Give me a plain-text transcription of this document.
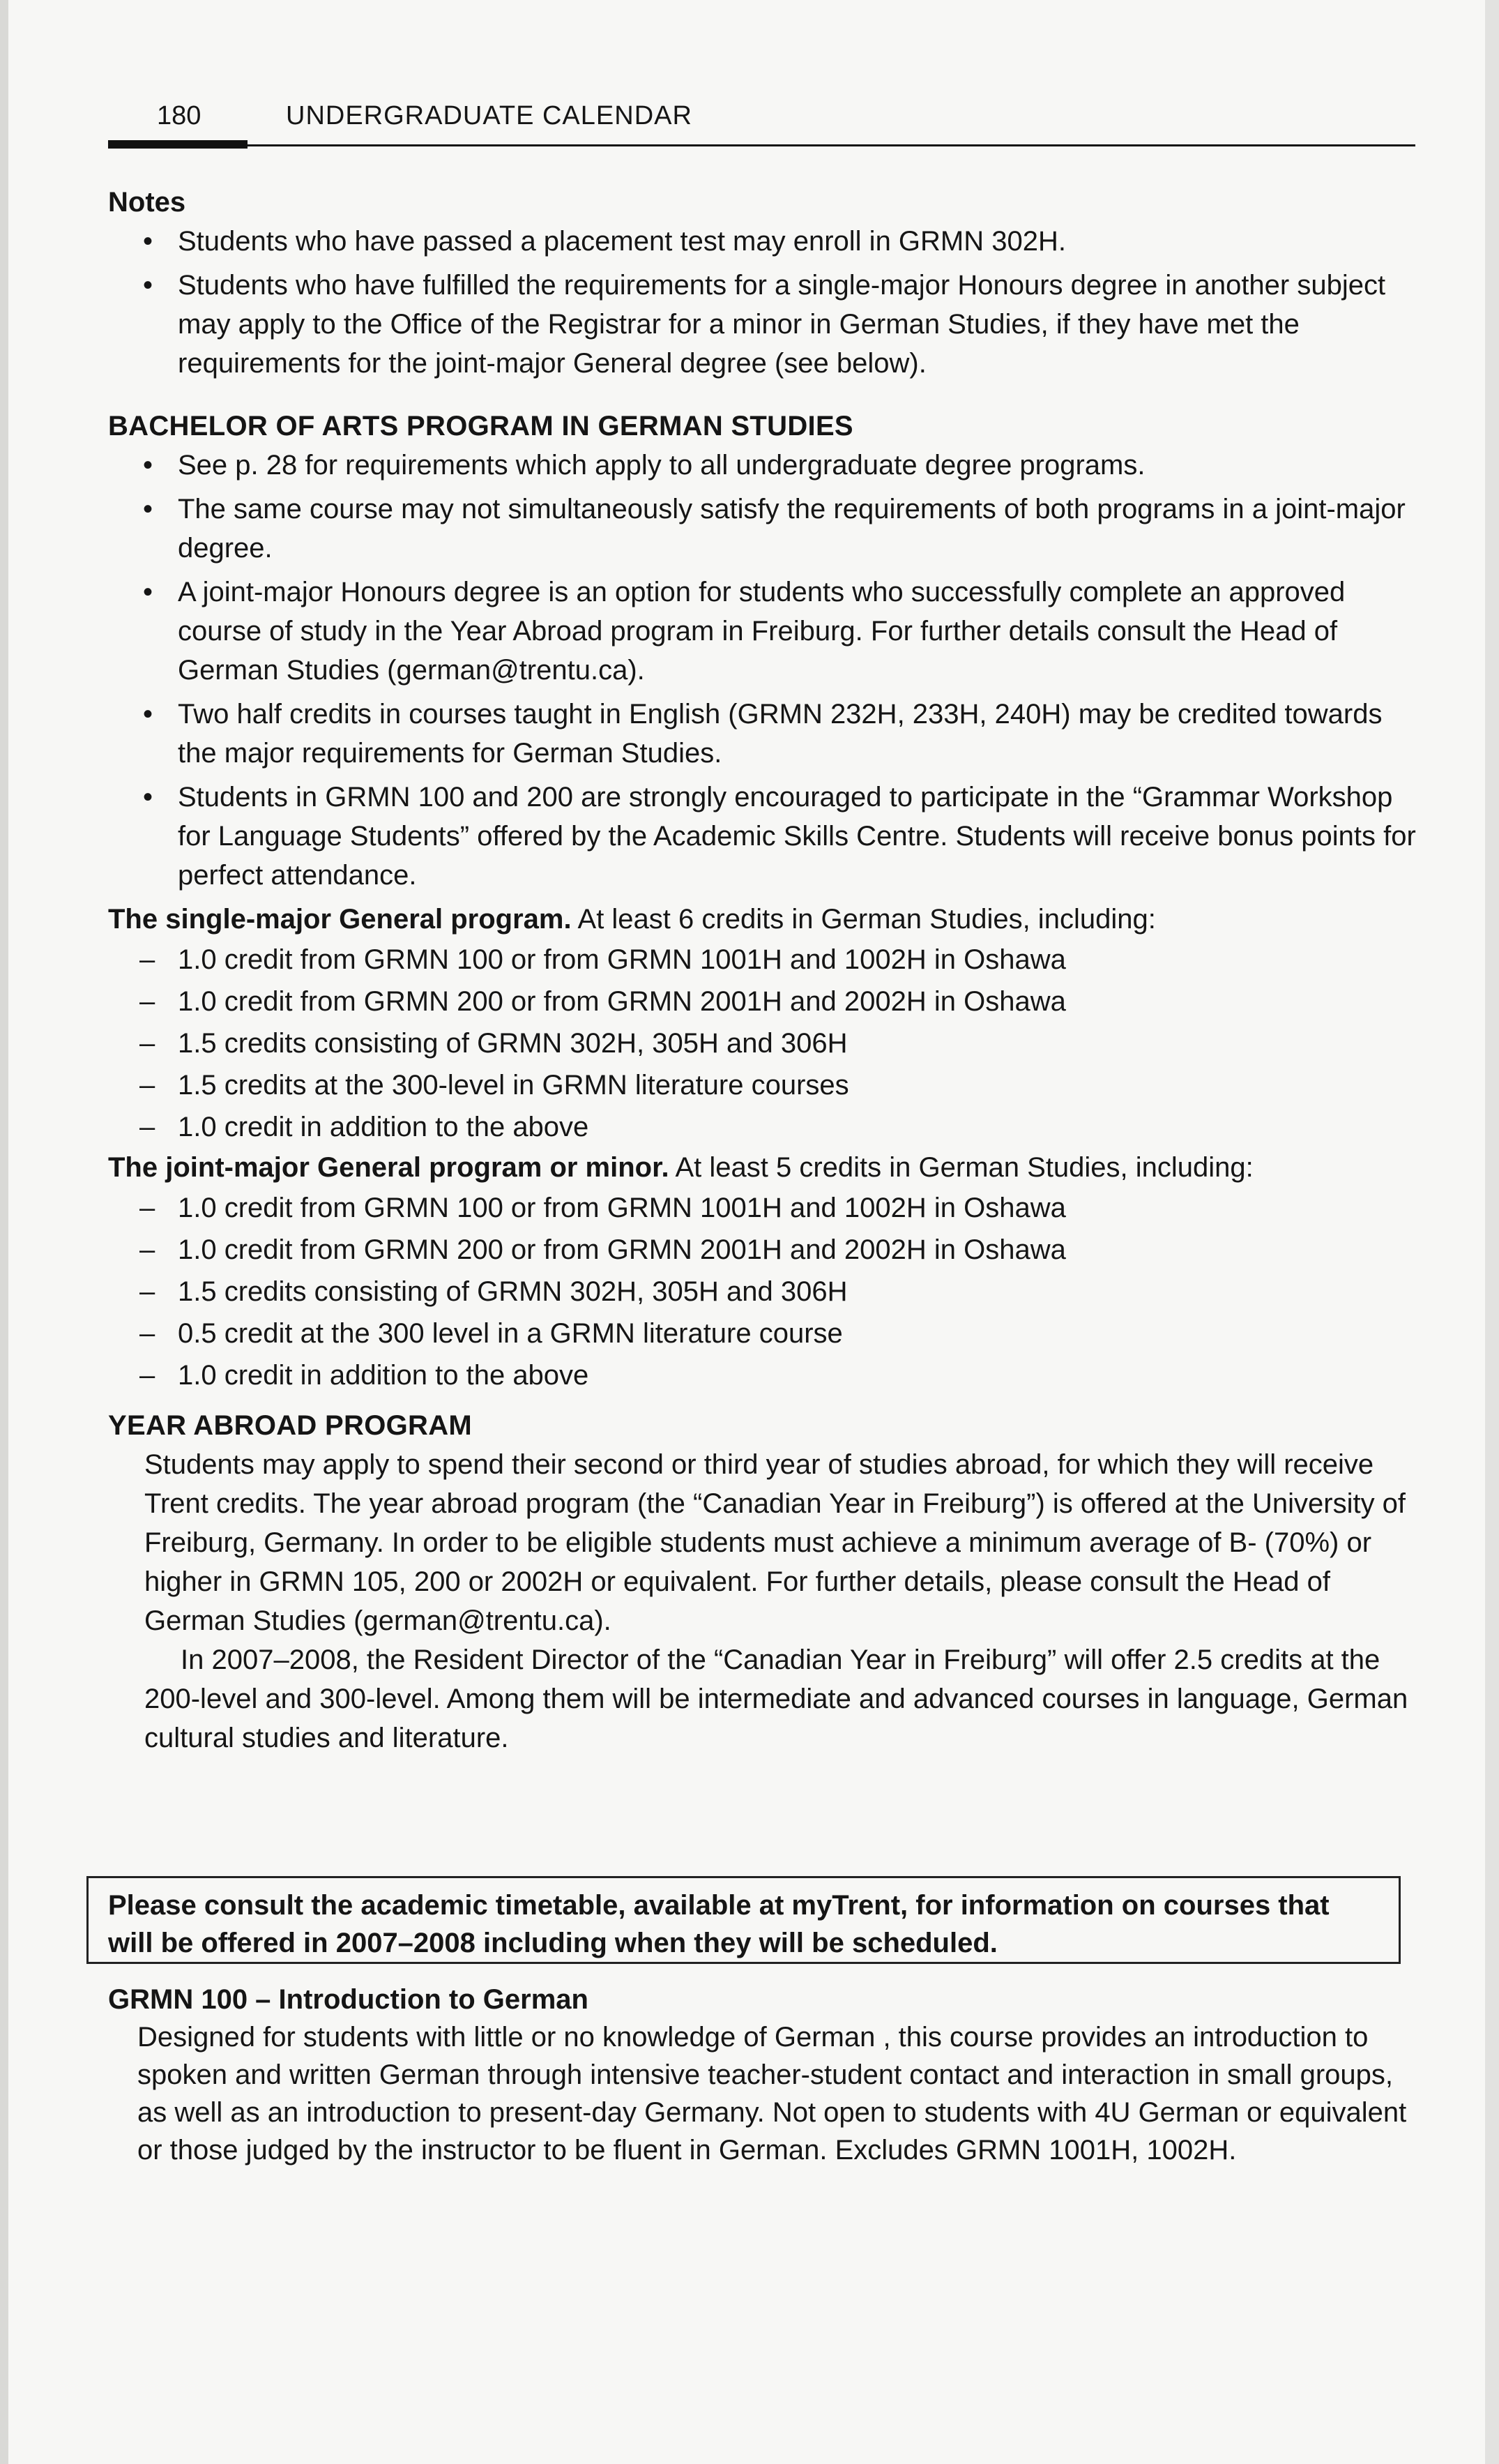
180	UNDERGRADUATE CALENDAR
Notes
• Students who have passed a placement test may enroll in GRMN 302H.
• Students who have fulfilled the requirements for a single-major Honours degree in another subject may apply to the Office of the Registrar for a minor in German Studies, if they have met the requirements for the joint-major General degree (see below).
BACHELOR OF ARTS PROGRAM IN GERMAN STUDIES
• See p. 28 for requirements which apply to all undergraduate degree programs.
• The same course may not simultaneously satisfy the requirements of both programs in a joint-major degree.
• A joint-major Honours degree is an option for students who successfully complete an approved course of study in the Year Abroad program in Freiburg. For further details consult the Head of German Studies (german@trentu.ca).
• Two half credits in courses taught in English (GRMN 232H, 233H, 240H) may be credited towards the major requirements for German Studies.
• Students in GRMN 100 and 200 are strongly encouraged to participate in the “Grammar Workshop for Language Students” offered by the Academic Skills Centre. Students will receive bonus points for perfect attendance.

The single-major General program. At least 6 credits in German Studies, including:

– 1.0 credit from GRMN 100 or from GRMN 1001H and 1002H in Oshawa
– 1.0 credit from GRMN 200 or from GRMN 2001H and 2002H in Oshawa
– 1.5 credits consisting of GRMN 302H, 305H and 306H
– 1.5 credits at the 300-level in GRMN literature courses
– 1.0 credit in addition to the above

The joint-major General program or minor. At least 5 credits in German Studies, including:

– 1.0 credit from GRMN 100 or from GRMN 1001H and 1002H in Oshawa
– 1.0 credit from GRMN 200 or from GRMN 2001H and 2002H in Oshawa
– 1.5 credits consisting of GRMN 302H, 305H and 306H
– 0.5 credit at the 300 level in a GRMN literature course
– 1.0 credit in addition to the above
YEAR ABROAD PROGRAM

Students may apply to spend their second or third year of studies abroad, for which they will receive Trent credits. The year abroad program (the “Canadian Year in Freiburg”) is offered at the University of Freiburg, Germany. In order to be eligible students must achieve a minimum average of B- (70%) or higher in GRMN 105, 200 or 2002H or equivalent. For further details, please consult the Head of German Studies (german@trentu.ca).

In 2007–2008, the Resident Director of the “Canadian Year in Freiburg” will offer 2.5 credits at the 200-level and 300-level. Among them will be intermediate and advanced courses in language, German cultural studies and literature.

Please consult the academic timetable, available at myTrent, for information on courses that will be offered in 2007–2008 including when they will be scheduled.
GRMN 100 – Introduction to German
Designed for students with little or no knowledge of German , this course provides an introduction to spoken and written German through intensive teacher-student contact and interaction in small groups, as well as an introduction to present-day Germany. Not open to students with 4U German or equivalent or those judged by the instructor to be fluent in German. Excludes GRMN 1001H, 1002H.
